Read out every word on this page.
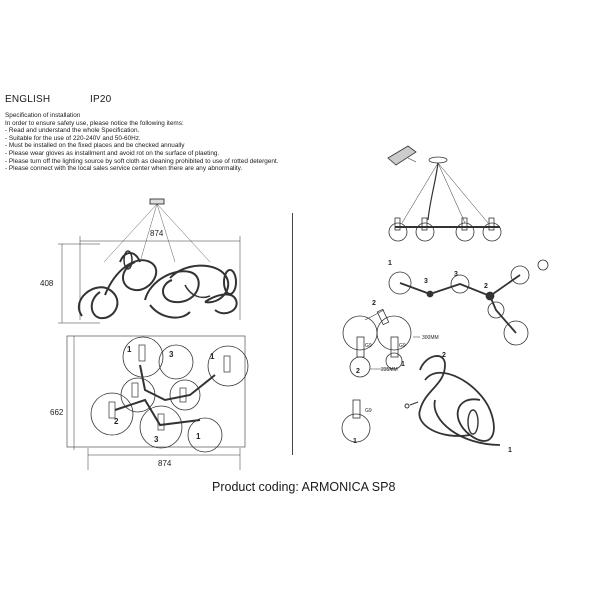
ENGLISH	IP20
Specification of installation
In order to ensure safety use, please notice the following items:
- Read and understand the whole Specification.
- Suitable for the use of 220-240V and 50-60Hz.
- Must be installed on the fixed places and be checked annually
- Please wear gloves as installment and avoid rot on the surface of plaeting.
- Please turn off the lighting source by soft cloth as cleaning prohibited to use of rotted detergent.
- Please connect with the local sales service center when there are any abnormality.
874
408
1
3	1
2
3	1
662
874
1
3
3
2
300MM
235MM
G9	G9
G9
2
2
1
1
2
1
Product coding: ARMONICA SP8
